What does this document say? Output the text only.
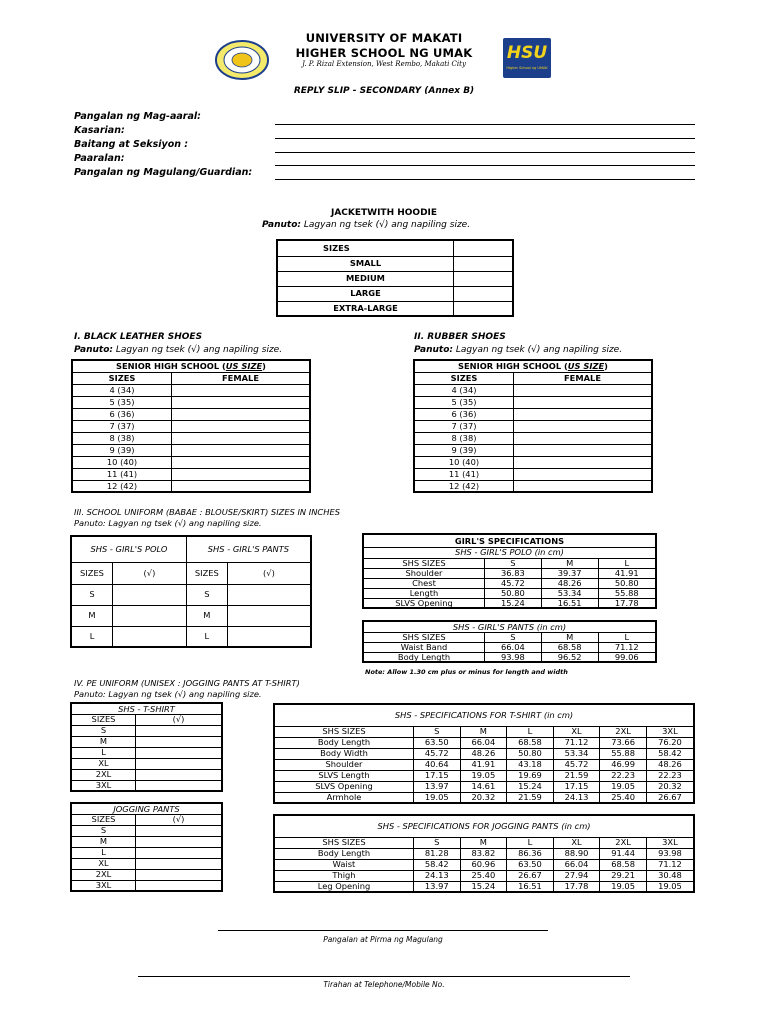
HSU
Higher School ng UMAK
UNIVERSITY OF MAKATI
HIGHER SCHOOL NG UMAK
J. P. Rizal Extension, West Rembo, Makati City
REPLY SLIP - SECONDARY (Annex B)
Pangalan ng Mag-aaral:
Kasarian:
Baitang at Seksiyon :
Paaralan:
Pangalan ng Magulang/Guardian:
JACKETWITH HOODIE
Panuto: Lagyan ng tsek (√) ang napiling size.
SIZES	
SMALL	
MEDIUM	
LARGE	
EXTRA-LARGE	
I. BLACK LEATHER SHOES
Panuto: Lagyan ng tsek (√) ang napiling size.
SENIOR HIGH SCHOOL (US SIZE)	
SIZES	FEMALE
4 (34)	
5 (35)	
6 (36)	
7 (37)	
8 (38)	
9 (39)	
10 (40)	
11 (41)	
12 (42)	
II. RUBBER SHOES
Panuto: Lagyan ng tsek (√) ang napiling size.
SENIOR HIGH SCHOOL (US SIZE)	
SIZES	FEMALE
4 (34)	
5 (35)	
6 (36)	
7 (37)	
8 (38)	
9 (39)	
10 (40)	
11 (41)	
12 (42)	
III. SCHOOL UNIFORM (BABAE : BLOUSE/SKIRT) SIZES IN INCHES
Panuto: Lagyan ng tsek (√) ang napiling size.
SHS - GIRL'S POLO		SHS - GIRL'S PANTS	
SIZES	(√)	SIZES	(√)
S		S	
M		M	
L		L	
GIRL'S SPECIFICATIONS			
SHS - GIRL'S POLO (in cm)			
SHS SIZES	S	M	L
Shoulder	36.83	39.37	41.91
Chest	45.72	48.26	50.80
Length	50.80	53.34	55.88
SLVS Opening	15.24	16.51	17.78
SHS - GIRL'S PANTS (in cm)			
SHS SIZES	S	M	L
Waist Band	66.04	68.58	71.12
Body Length	93.98	96.52	99.06
Note: Allow 1.30 cm plus or minus for length and width
IV. PE UNIFORM (UNISEX : JOGGING PANTS AT T-SHIRT)
Panuto: Lagyan ng tsek (√) ang napiling size.
SHS - T-SHIRT	
SIZES	(√)
S	
M	
L	
XL	
2XL	
3XL	
JOGGING PANTS	
SIZES	(√)
S	
M	
L	
XL	
2XL	
3XL	
SHS - SPECIFICATIONS FOR T-SHIRT (in cm)						
SHS SIZES	S	M	L	XL	2XL	3XL
Body Length	63.50	66.04	68.58	71.12	73.66	76.20
Body Width	45.72	48.26	50.80	53.34	55.88	58.42
Shoulder	40.64	41.91	43.18	45.72	46.99	48.26
SLVS Length	17.15	19.05	19.69	21.59	22.23	22.23
SLVS Opening	13.97	14.61	15.24	17.15	19.05	20.32
Armhole	19.05	20.32	21.59	24.13	25.40	26.67
SHS - SPECIFICATIONS FOR JOGGING PANTS (in cm)						
SHS SIZES	S	M	L	XL	2XL	3XL
Body Length	81.28	83.82	86.36	88.90	91.44	93.98
Waist	58.42	60.96	63.50	66.04	68.58	71.12
Thigh	24.13	25.40	26.67	27.94	29.21	30.48
Leg Opening	13.97	15.24	16.51	17.78	19.05	19.05
Pangalan at Pirma ng Magulang
Tirahan at Telephone/Mobile No.
